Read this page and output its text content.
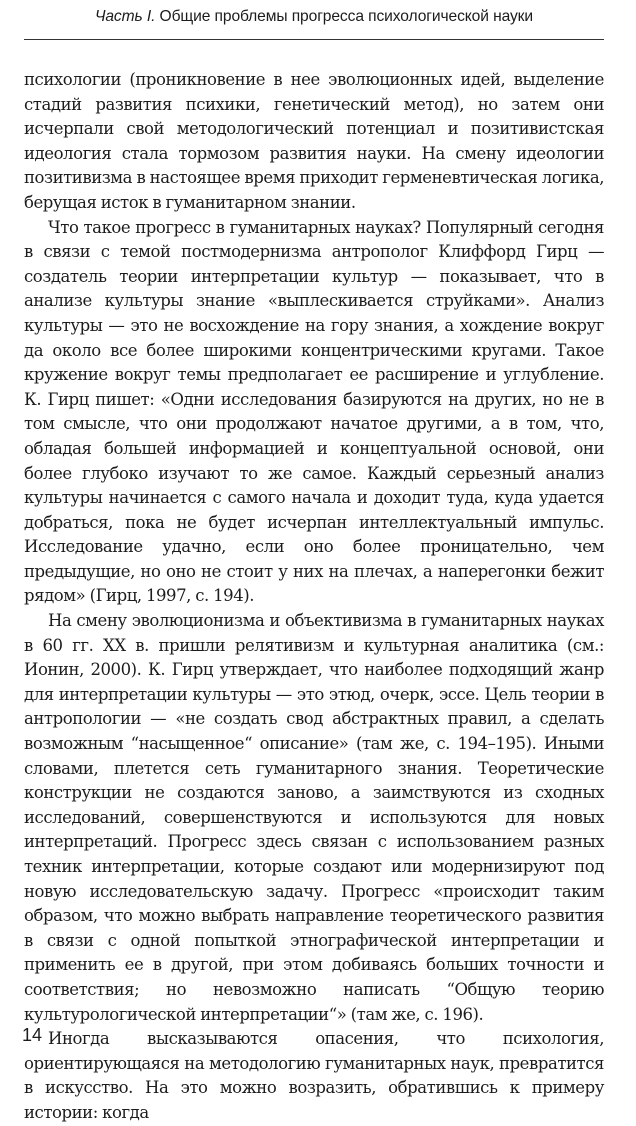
Часть I. Общие проблемы прогресса психологической науки

психологии (проникновение в нее эволюционных идей, выделение стадий развития психики, генетический метод), но затем они исчерпали свой методологический потенциал и позитивистская идеология стала тормозом развития науки. На смену идеологии позитивизма в настоящее время приходит герменевтическая логика, берущая исток в гуманитарном знании.

Что такое прогресс в гуманитарных науках? Популярный сегодня в связи с темой постмодернизма антрополог Клиффорд Гирц — создатель теории интерпретации культур — показывает, что в анализе культуры знание «выплескивается струйками». Анализ культуры — это не восхождение на гору знания, а хождение вокруг да около все более широкими концентрическими кругами. Такое кружение вокруг темы предполагает ее расширение и углубление. К. Гирц пишет: «Одни исследования базируются на других, но не в том смысле, что они продолжают начатое другими, а в том, что, обладая большей информацией и концептуальной основой, они более глубоко изучают то же самое. Каждый серьезный анализ культуры начинается с самого начала и доходит туда, куда удается добраться, пока не будет исчерпан интеллектуальный импульс. Исследование удачно, если оно более проницательно, чем предыдущие, но оно не стоит у них на плечах, а наперегонки бежит рядом» (Гирц, 1997, с. 194).

На смену эволюционизма и объективизма в гуманитарных науках в 60 гг. XX в. пришли релятивизм и культурная аналитика (см.: Ионин, 2000). К. Гирц утверждает, что наиболее подходящий жанр для интерпретации культуры — это этюд, очерк, эссе. Цель теории в антропологии — «не создать свод абстрактных правил, а сделать возможным “насыщенное“ описание» (там же, с. 194–195). Иными словами, плетется сеть гуманитарного знания. Теоретические конструкции не создаются заново, а заимствуются из сходных исследований, совершенствуются и используются для новых интерпретаций. Прогресс здесь связан с использованием разных техник интерпретации, которые создают или модернизируют под новую исследовательскую задачу. Прогресс «происходит таким образом, что можно выбрать направление теоретического развития в связи с одной попыткой этнографической интерпретации и применить ее в другой, при этом добиваясь больших точности и соответствия; но невозможно написать “Общую теорию культурологической интерпретации“» (там же, с. 196).

Иногда высказываются опасения, что психология, ориентирующаяся на методологию гуманитарных наук, превратится в искусство. На это можно возразить, обратившись к примеру истории: когда

14
